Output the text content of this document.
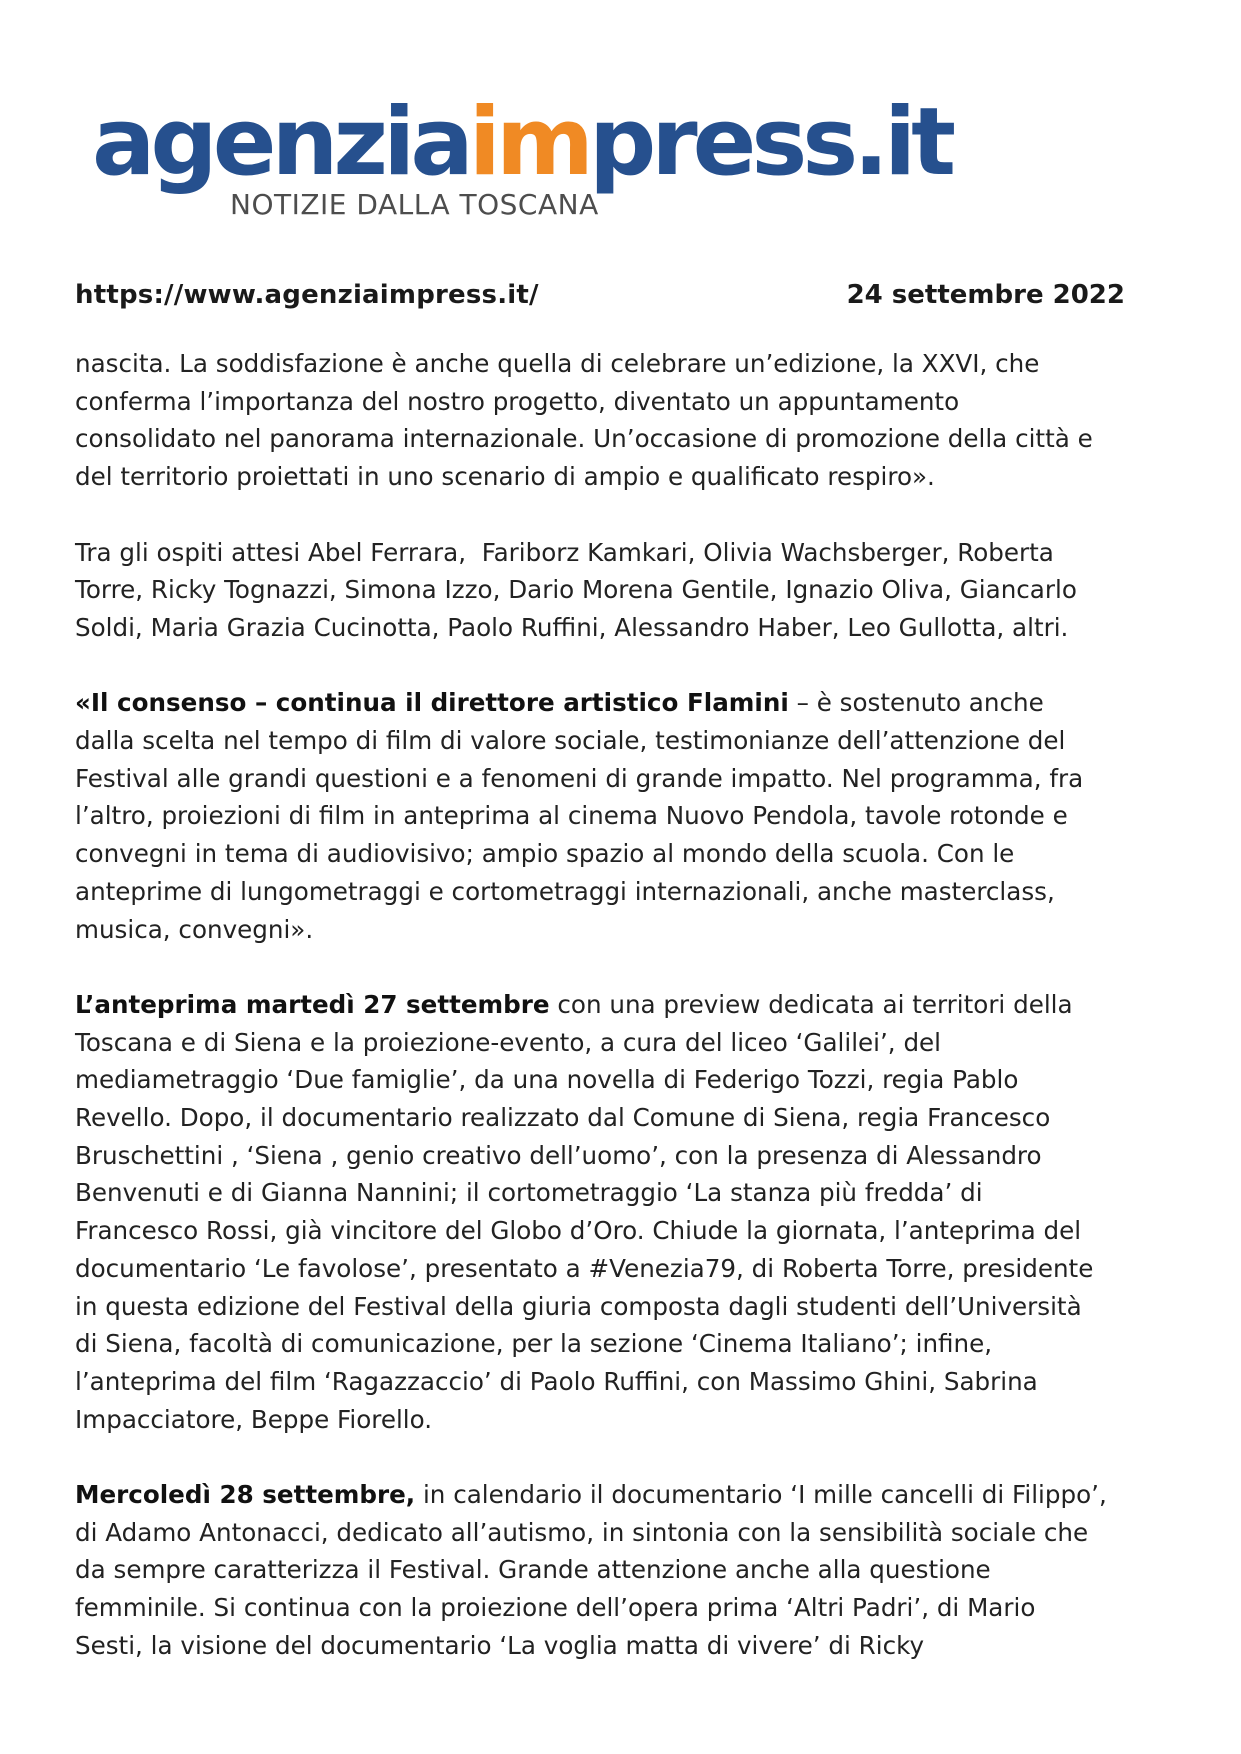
agenziaimpress.it
NOTIZIE DALLA TOSCANA
https://www.agenziaimpress.it/	24 settembre 2022
nascita. La soddisfazione è anche quella di celebrare un’edizione, la XXVI, che
conferma l’importanza del nostro progetto, diventato un appuntamento
consolidato nel panorama internazionale. Un’occasione di promozione della città e
del territorio proiettati in uno scenario di ampio e qualificato respiro».
Tra gli ospiti attesi Abel Ferrara,  Fariborz Kamkari, Olivia Wachsberger, Roberta
Torre, Ricky Tognazzi, Simona Izzo, Dario Morena Gentile, Ignazio Oliva, Giancarlo
Soldi, Maria Grazia Cucinotta, Paolo Ruffini, Alessandro Haber, Leo Gullotta, altri.
«Il consenso – continua il direttore artistico Flamini – è sostenuto anche
dalla scelta nel tempo di film di valore sociale, testimonianze dell’attenzione del
Festival alle grandi questioni e a fenomeni di grande impatto. Nel programma, fra
l’altro, proiezioni di film in anteprima al cinema Nuovo Pendola, tavole rotonde e
convegni in tema di audiovisivo; ampio spazio al mondo della scuola. Con le
anteprime di lungometraggi e cortometraggi internazionali, anche masterclass,
musica, convegni».
L’anteprima martedì 27 settembre con una preview dedicata ai territori della
Toscana e di Siena e la proiezione-evento, a cura del liceo ‘Galilei’, del
mediametraggio ‘Due famiglie’, da una novella di Federigo Tozzi, regia Pablo
Revello. Dopo, il documentario realizzato dal Comune di Siena, regia Francesco
Bruschettini , ‘Siena , genio creativo dell’uomo’, con la presenza di Alessandro
Benvenuti e di Gianna Nannini; il cortometraggio ‘La stanza più fredda’ di
Francesco Rossi, già vincitore del Globo d’Oro. Chiude la giornata, l’anteprima del
documentario ‘Le favolose’, presentato a #Venezia79, di Roberta Torre, presidente
in questa edizione del Festival della giuria composta dagli studenti dell’Università
di Siena, facoltà di comunicazione, per la sezione ‘Cinema Italiano’; infine,
l’anteprima del film ‘Ragazzaccio’ di Paolo Ruffini, con Massimo Ghini, Sabrina
Impacciatore, Beppe Fiorello.
Mercoledì 28 settembre, in calendario il documentario ‘I mille cancelli di Filippo’,
di Adamo Antonacci, dedicato all’autismo, in sintonia con la sensibilità sociale che
da sempre caratterizza il Festival. Grande attenzione anche alla questione
femminile. Si continua con la proiezione dell’opera prima ‘Altri Padri’, di Mario
Sesti, la visione del documentario ‘La voglia matta di vivere’ di Ricky
